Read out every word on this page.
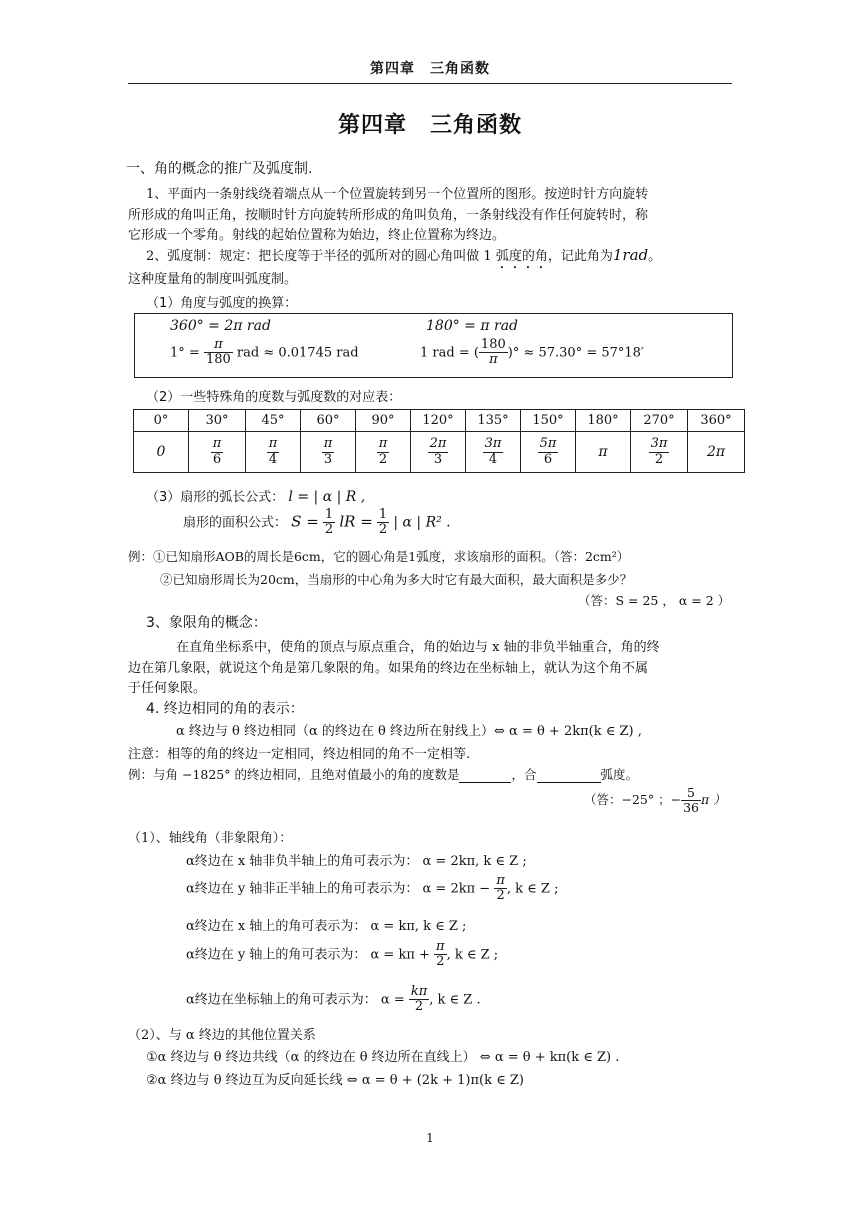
第四章　三角函数
第四章　三角函数
一、角的概念的推广及弧度制.
1、平面内一条射线绕着端点从一个位置旋转到另一个位置所的图形。按逆时针方向旋转
所形成的角叫正角，按顺时针方向旋转所形成的角叫负角，一条射线没有作任何旋转时，称
它形成一个零角。射线的起始位置称为始边，终止位置称为终边。
2、弧度制：规定：把长度等于半径的弧所对的圆心角叫做 1 弧度的角，记此角为1rad。
这种度量角的制度叫弧度制。
（1）角度与弧度的换算：
360° = 2π rad	180° = π rad
$1^\circ = \frac{\pi}{180}$ rad ≈ 0.01745 rad	1 rad = ( $\frac{180}{\pi}$ )° ≈ 57.30° = 57°18′
（2）一些特殊角的度数与弧度数的对应表：
0°	30°	45°	60°	90°	120°	135°	150°	180°	270°	360°
0	$\frac{\pi}{6}$	$\frac{\pi}{4}$	$\frac{\pi}{3}$	$\frac{\pi}{2}$	$\frac{2\pi}{3}$	$\frac{3\pi}{4}$	$\frac{5\pi}{6}$	π	$\frac{3\pi}{2}$	2π
（3）扇形的弧长公式： l = | α | R ,
扇形的面积公式： $S = \frac{1}{2}$ lR = $\frac{1}{2}$ | α | R² .
例：①已知扇形AOB的周长是6cm，它的圆心角是1弧度，求该扇形的面积。（答：2cm²）
②已知扇形周长为20cm，当扇形的中心角为多大时它有最大面积，最大面积是多少？
（答：S = 25 ， α = 2 ）
3、象限角的概念：
在直角坐标系中，使角的顶点与原点重合，角的始边与 x 轴的非负半轴重合，角的终
边在第几象限，就说这个角是第几象限的角。如果角的终边在坐标轴上，就认为这个角不属
于任何象限。
4. 终边相同的角的表示：
α 终边与 θ 终边相同（α 的终边在 θ 终边所在射线上）⇔ α = θ + 2kπ(k ∈ Z) ,
注意：相等的角的终边一定相同，终边相同的角不一定相等.
例：与角 −1825° 的终边相同，且绝对值最小的角的度数是	，合	弧度。
（答：−25° ；− $\frac{5}{36}$ π ）
（1）、轴线角（非象限角）：
α终边在 x 轴非负半轴上的角可表示为： α = 2kπ, k ∈ Z ;
α终边在 y 轴非正半轴上的角可表示为： $\alpha = 2k\pi - \frac{\pi}{2}$ , k ∈ Z ;
α终边在 x 轴上的角可表示为： α = kπ, k ∈ Z ;
α终边在 y 轴上的角可表示为： $\alpha = k\pi + \frac{\pi}{2}$ , k ∈ Z ;
α终边在坐标轴上的角可表示为： $\alpha = \frac{k\pi}{2}$ , k ∈ Z .
（2）、与 α 终边的其他位置关系
①α 终边与 θ 终边共线（α 的终边在 θ 终边所在直线上） ⇔ α = θ + kπ(k ∈ Z) .
②α 终边与 θ 终边互为反向延长线 ⇔ α = θ + (2k + 1)π(k ∈ Z)
1
